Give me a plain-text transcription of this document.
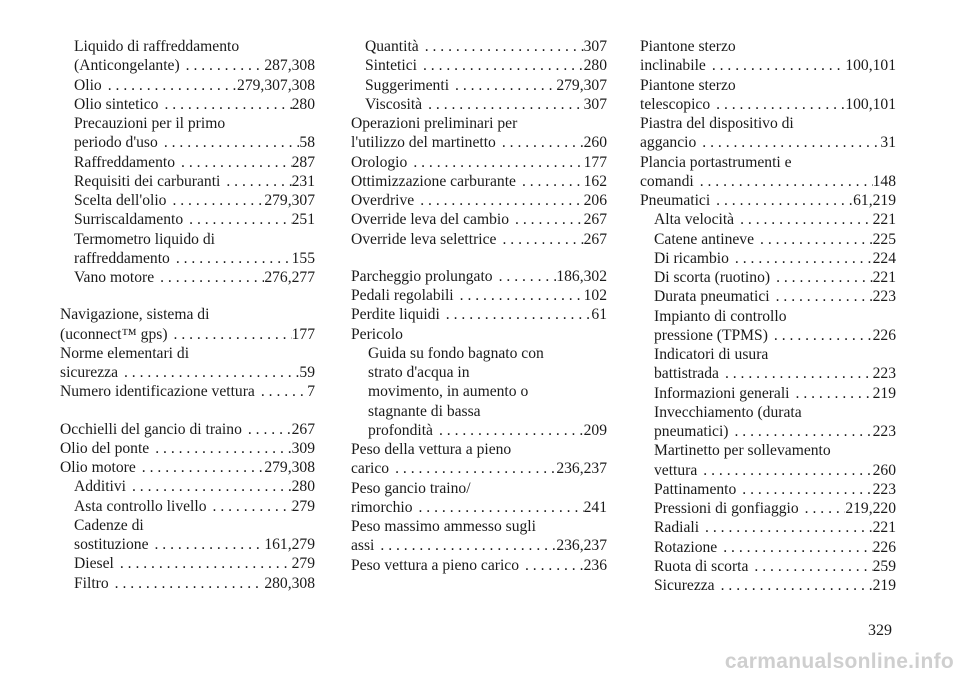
Liquido di raffreddamento
(Anticongelante) . . .	287,308
Olio . . .	279,307,308
Olio sintetico . . .	280
Precauzioni per il primo
periodo d'uso . . .	58
Raffreddamento . . .	287
Requisiti dei carburanti . . .	231
Scelta dell'olio . . .	279,307
Surriscaldamento . . .	251
Termometro liquido di
raffreddamento . . .	155
Vano motore . . .	276,277
Navigazione, sistema di
(uconnect™ gps) . . .	177
Norme elementari di
sicurezza . . .	59
Numero identificazione vettura . . .	7
Occhielli del gancio di traino . . .	267
Olio del ponte . . .	309
Olio motore . . .	279,308
Additivi . . .	280
Asta controllo livello . . .	279
Cadenze di
sostituzione . . .	161,279
Diesel . . .	279
Filtro . . .	280,308
Quantità . . .	307
Sintetici . . .	280
Suggerimenti . . .	279,307
Viscosità . . .	307
Operazioni preliminari per
l'utilizzo del martinetto . . .	260
Orologio . . .	177
Ottimizzazione carburante . . .	162
Overdrive . . .	206
Override leva del cambio . . .	267
Override leva selettrice . . .	267
Parcheggio prolungato . . .	186,302
Pedali regolabili . . .	102
Perdite liquidi . . .	61
Pericolo
Guida su fondo bagnato con
strato d'acqua in
movimento, in aumento o
stagnante di bassa
profondità . . .	209
Peso della vettura a pieno
carico . . .	236,237
Peso gancio traino/
rimorchio . . .	241
Peso massimo ammesso sugli
assi . . .	236,237
Peso vettura a pieno carico . . .	236
Piantone sterzo
inclinabile . . .	100,101
Piantone sterzo
telescopico . . .	100,101
Piastra del dispositivo di
aggancio . . .	31
Plancia portastrumenti e
comandi . . .	148
Pneumatici . . .	61,219
Alta velocità . . .	221
Catene antineve . . .	225
Di ricambio . . .	224
Di scorta (ruotino) . . .	221
Durata pneumatici . . .	223
Impianto di controllo
pressione (TPMS) . . .	226
Indicatori di usura
battistrada . . .	223
Informazioni generali . . .	219
Invecchiamento (durata
pneumatici) . . .	223
Martinetto per sollevamento
vettura . . .	260
Pattinamento . . .	223
Pressioni di gonfiaggio . . .	219,220
Radiali . . .	221
Rotazione . . .	226
Ruota di scorta . . .	259
Sicurezza . . .	219
329
carmanualsonline.info
